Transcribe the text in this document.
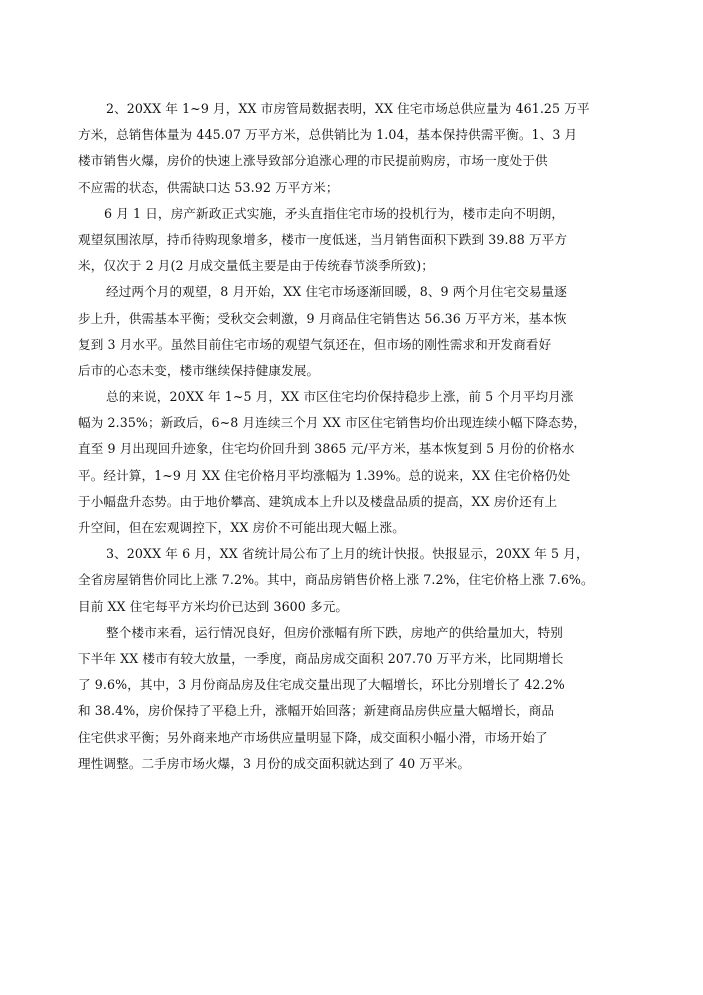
2、20XX 年 1~9 月，XX 市房管局数据表明，XX 住宅市场总供应量为 461.25 万平
方米，总销售体量为 445.07 万平方米，总供销比为 1.04，基本保持供需平衡。1、3 月
楼市销售火爆，房价的快速上涨导致部分追涨心理的市民提前购房，市场一度处于供
不应需的状态，供需缺口达 53.92 万平方米；
6 月 1 日，房产新政正式实施，矛头直指住宅市场的投机行为，楼市走向不明朗，
观望氛围浓厚，持币待购现象增多，楼市一度低迷，当月销售面积下跌到 39.88 万平方
米，仅次于 2 月(2 月成交量低主要是由于传统春节淡季所致)；
经过两个月的观望，8 月开始，XX 住宅市场逐渐回暖，8、9 两个月住宅交易量逐
步上升，供需基本平衡；受秋交会刺激，9 月商品住宅销售达 56.36 万平方米，基本恢
复到 3 月水平。虽然目前住宅市场的观望气氛还在，但市场的刚性需求和开发商看好
后市的心态未变，楼市继续保持健康发展。
总的来说，20XX 年 1~5 月，XX 市区住宅均价保持稳步上涨，前 5 个月平均月涨
幅为 2.35%；新政后，6~8 月连续三个月 XX 市区住宅销售均价出现连续小幅下降态势，
直至 9 月出现回升迹象，住宅均价回升到 3865 元/平方米，基本恢复到 5 月份的价格水
平。经计算，1~9 月 XX 住宅价格月平均涨幅为 1.39%。总的说来，XX 住宅价格仍处
于小幅盘升态势。由于地价攀高、建筑成本上升以及楼盘品质的提高，XX 房价还有上
升空间，但在宏观调控下，XX 房价不可能出现大幅上涨。
3、20XX 年 6 月，XX 省统计局公布了上月的统计快报。快报显示，20XX 年 5 月，
全省房屋销售价同比上涨 7.2%。其中，商品房销售价格上涨 7.2%，住宅价格上涨 7.6%。
目前 XX 住宅每平方米均价已达到 3600 多元。
整个楼市来看，运行情况良好，但房价涨幅有所下跌，房地产的供给量加大，特别
下半年 XX 楼市有较大放量，一季度，商品房成交面积 207.70 万平方米，比同期增长
了 9.6%，其中，3 月份商品房及住宅成交量出现了大幅增长，环比分别增长了 42.2%
和 38.4%，房价保持了平稳上升，涨幅开始回落；新建商品房供应量大幅增长，商品
住宅供求平衡；另外商来地产市场供应量明显下降，成交面积小幅小滑，市场开始了
理性调整。二手房市场火爆，3 月份的成交面积就达到了 40 万平米。
